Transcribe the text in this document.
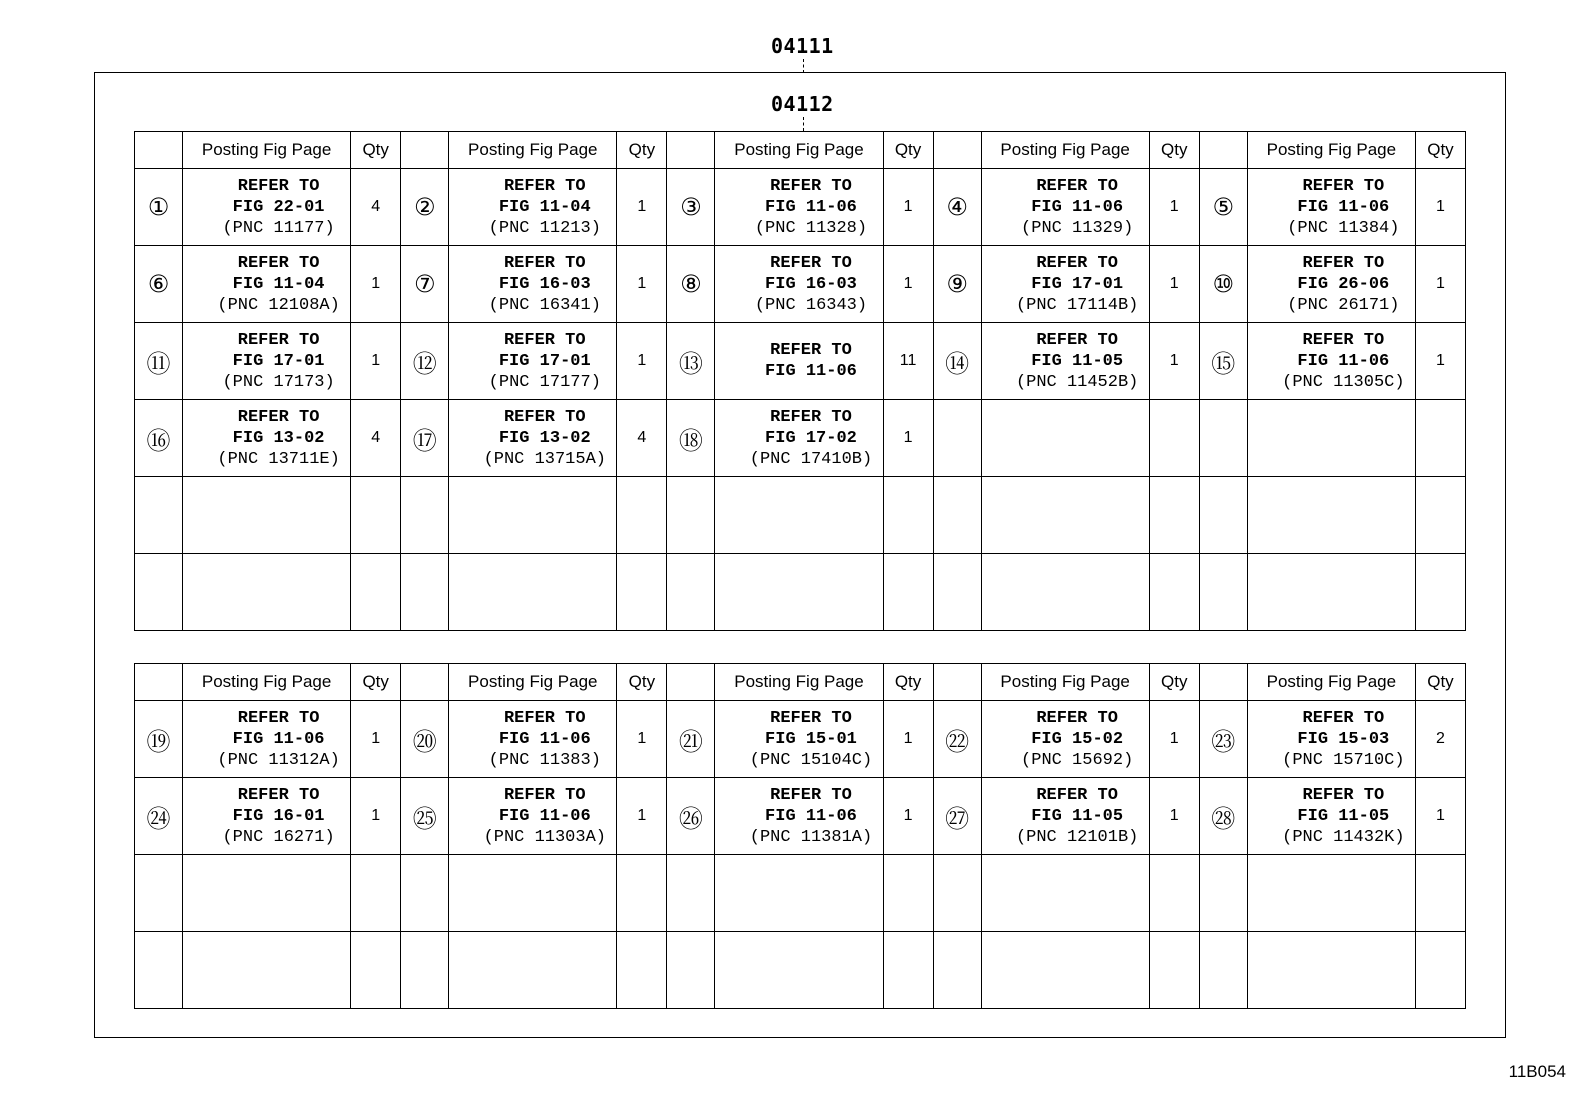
04111
04112
	Posting Fig Page	Qty		Posting Fig Page	Qty		Posting Fig Page	Qty		Posting Fig Page	Qty		Posting Fig Page	Qty
①	REFER TO
FIG 22-01
(PNC 11177)	4	②	REFER TO
FIG 11-04
(PNC 11213)	1	③	REFER TO
FIG 11-06
(PNC 11328)	1	④	REFER TO
FIG 11-06
(PNC 11329)	1	⑤	REFER TO
FIG 11-06
(PNC 11384)	1
⑥	REFER TO
FIG 11-04
(PNC 12108A)	1	⑦	REFER TO
FIG 16-03
(PNC 16341)	1	⑧	REFER TO
FIG 16-03
(PNC 16343)	1	⑨	REFER TO
FIG 17-01
(PNC 17114B)	1	⑩	REFER TO
FIG 26-06
(PNC 26171)	1
⑪	REFER TO
FIG 17-01
(PNC 17173)	1	⑫	REFER TO
FIG 17-01
(PNC 17177)	1	⑬	REFER TO
FIG 11-06	11	⑭	REFER TO
FIG 11-05
(PNC 11452B)	1	⑮	REFER TO
FIG 11-06
(PNC 11305C)	1
⑯	REFER TO
FIG 13-02
(PNC 13711E)	4	⑰	REFER TO
FIG 13-02
(PNC 13715A)	4	⑱	REFER TO
FIG 17-02
(PNC 17410B)	1		

	Posting Fig Page	Qty		Posting Fig Page	Qty		Posting Fig Page	Qty		Posting Fig Page	Qty		Posting Fig Page	Qty
⑲	REFER TO
FIG 11-06
(PNC 11312A)	1	⑳	REFER TO
FIG 11-06
(PNC 11383)	1	㉑	REFER TO
FIG 15-01
(PNC 15104C)	1	㉒	REFER TO
FIG 15-02
(PNC 15692)	1	㉓	REFER TO
FIG 15-03
(PNC 15710C)	2
㉔	REFER TO
FIG 16-01
(PNC 16271)	1	㉕	REFER TO
FIG 11-06
(PNC 11303A)	1	㉖	REFER TO
FIG 11-06
(PNC 11381A)	1	㉗	REFER TO
FIG 11-05
(PNC 12101B)	1	㉘	REFER TO
FIG 11-05
(PNC 11432K)	1

11B054
